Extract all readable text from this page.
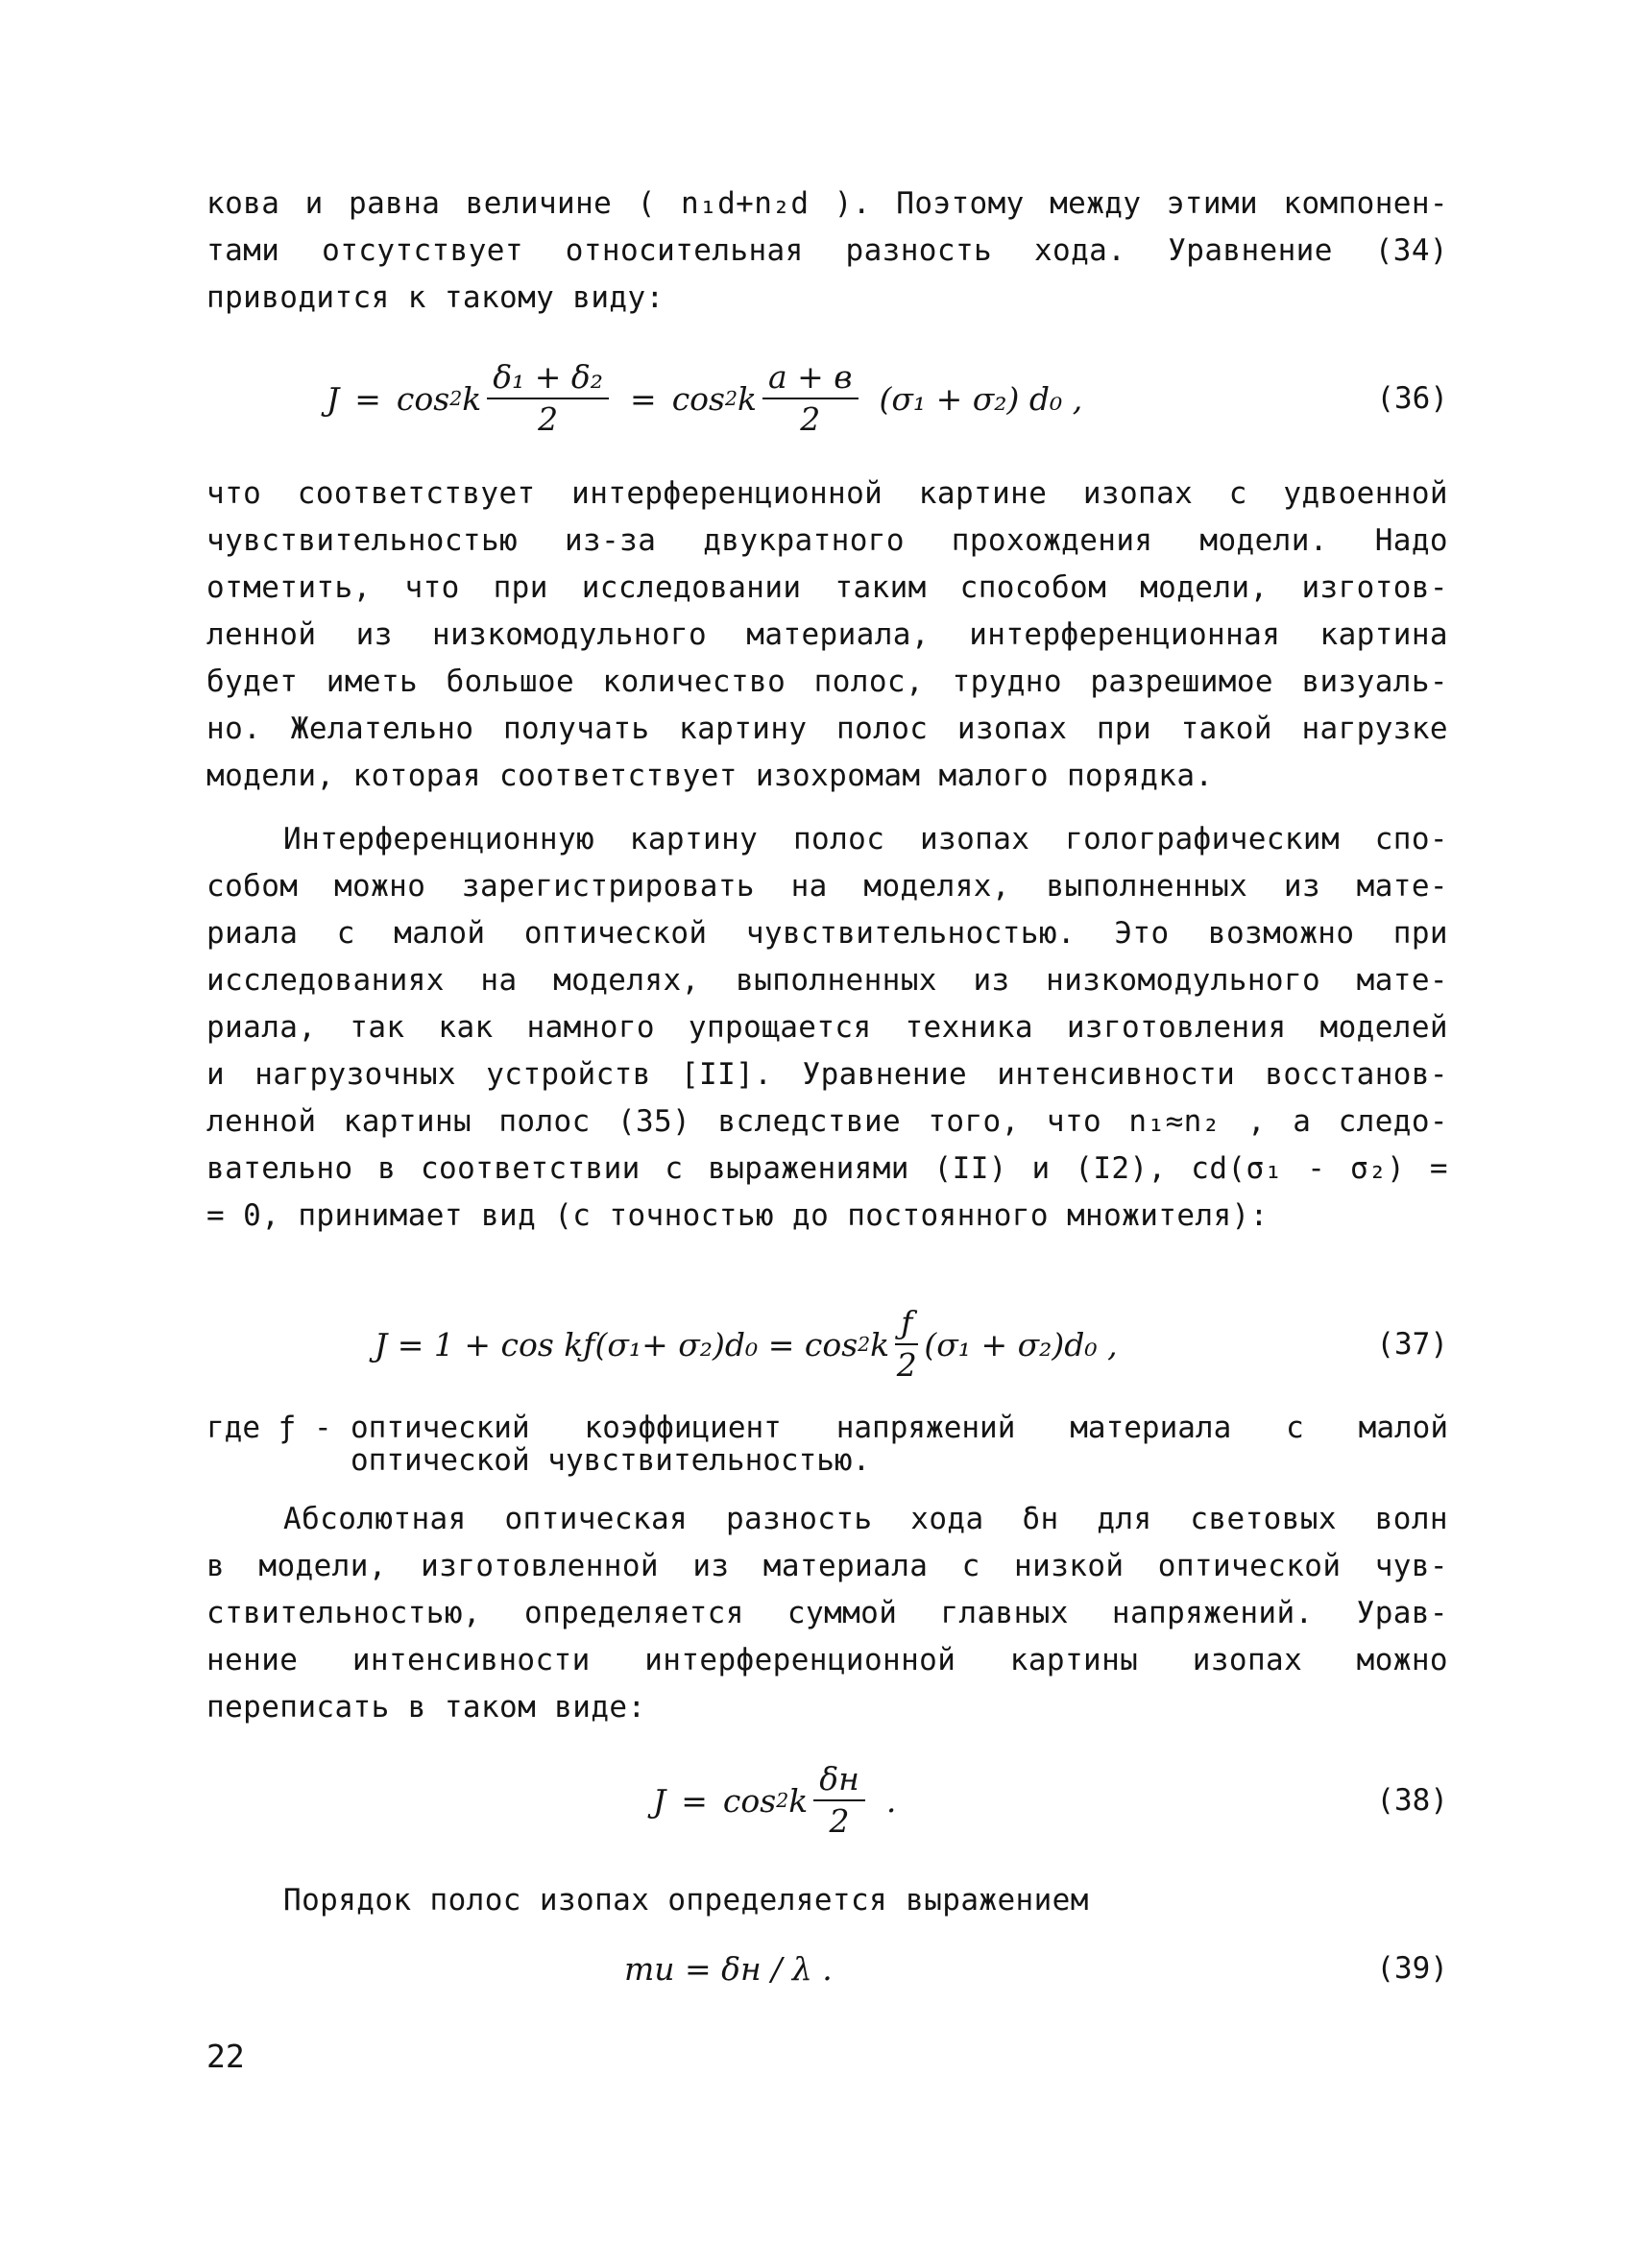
кова и равна величине ( n₁d+n₂d ). Поэтому между этими компонен-

тами отсутствует относительная разность хода. Уравнение (34)

приводится к такому виду:

J = cos 2 k $\frac{\text{δ₁ + δ₂}}{2} = \cos 2$ k $\frac{a + в}{2} (\sigma_1 + \sigma_2)$ d₀ ,	(36)

что соответствует интерференционной картине изопах с удвоенной

чувствительностью из-за двукратного прохождения модели. Надо

отметить, что при исследовании таким способом модели, изготов-

ленной из низкомодульного материала, интерференционная картина

будет иметь большое количество полос, трудно разрешимое визуаль-

но. Желательно получать картину полос изопах при такой нагрузке

модели, которая соответствует изохромам малого порядка.

Интерференционную картину полос изопах голографическим спо-

собом можно зарегистрировать на моделях, выполненных из мате-

риала с малой оптической чувствительностью. Это возможно при

исследованиях на моделях, выполненных из низкомодульного мате-

риала, так как намного упрощается техника изготовления моделей

и нагрузочных устройств [II]. Уравнение интенсивности восстанов-

ленной картины полос (35) вследствие того, что n₁≈n₂ , а следо-

вательно в соответствии с выражениями (II) и (I2), cd(σ₁ - σ₂) =

= 0, принимает вид (с точностью до постоянного множителя):

J = 1 + cos kƒ(σ₁+ σ₂)d₀ = cos 2 k $\frac{ƒ}{2} (\sigma_1 + \sigma_2)d_0$ ,	(37)
где ƒ - оптический коэффициент напряжений материала с малой
оптической чувствительностью.

Абсолютная оптическая разность хода δн для световых волн

в модели, изготовленной из материала с низкой оптической чув-

ствительностью, определяется суммой главных напряжений. Урав-

нение интенсивности интерференционной картины изопах можно

переписать в таком виде:

J = cos 2 k $\frac{\delta н}{2}$ .	(38)

Порядок полос изопах определяется выражением

mи = δн / λ .	(39)
22
